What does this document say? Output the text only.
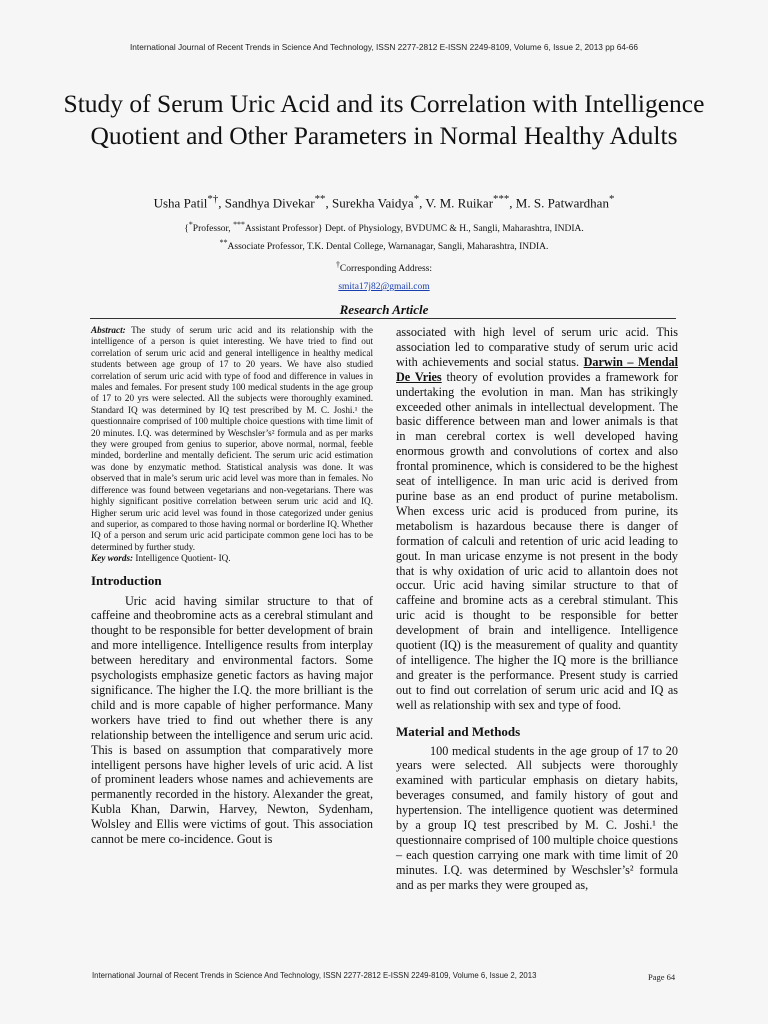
International Journal of Recent Trends in Science And Technology, ISSN 2277-2812 E-ISSN 2249-8109, Volume 6, Issue 2, 2013 pp 64-66
Study of Serum Uric Acid and its Correlation with Intelligence Quotient and Other Parameters in Normal Healthy Adults
Usha Patil*†, Sandhya Divekar**, Surekha Vaidya*, V. M. Ruikar***, M. S. Patwardhan*
{*Professor, ***Assistant Professor} Dept. of Physiology, BVDUMC & H., Sangli, Maharashtra, INDIA.
**Associate Professor, T.K. Dental College, Warnanagar, Sangli, Maharashtra, INDIA.
†Corresponding Address:
smita17j82@gmail.com
Research Article

Abstract: The study of serum uric acid and its relationship with the intelligence of a person is quiet interesting. We have tried to find out correlation of serum uric acid and general intelligence in healthy medical students between age group of 17 to 20 years. We have also studied correlation of serum uric acid with type of food and difference in values in males and females. For present study 100 medical students in the age group of 17 to 20 yrs were selected. All the subjects were thoroughly examined. Standard IQ was determined by IQ test prescribed by M. C. Joshi.¹ the questionnaire comprised of 100 multiple choice questions with time limit of 20 minutes. I.Q. was determined by Weschsler’s² formula and as per marks they were grouped from genius to superior, above normal, normal, feeble minded, borderline and mentally deficient. The serum uric acid estimation was done by enzymatic method. Statistical analysis was done. It was observed that in male’s serum uric acid level was more than in females. No difference was found between vegetarians and non-vegetarians. There was highly significant positive correlation between serum uric acid and IQ. Higher serum uric acid level was found in those categorized under genius and superior, as compared to those having normal or borderline IQ. Whether IQ of a person and serum uric acid participate common gene loci has to be determined by further study.

Key words: Intelligence Quotient- IQ.

Introduction

Uric acid having similar structure to that of caffeine and theobromine acts as a cerebral stimulant and thought to be responsible for better development of brain and more intelligence. Intelligence results from interplay between hereditary and environmental factors. Some psychologists emphasize genetic factors as having major significance. The higher the I.Q. the more brilliant is the child and is more capable of higher performance. Many workers have tried to find out whether there is any relationship between the intelligence and serum uric acid. This is based on assumption that comparatively more intelligent persons have higher levels of uric acid. A list of prominent leaders whose names and achievements are permanently recorded in the history. Alexander the great, Kubla Khan, Darwin, Harvey, Newton, Sydenham, Wolsley and Ellis were victims of gout. This association cannot be mere co-incidence. Gout is

associated with high level of serum uric acid. This association led to comparative study of serum uric acid with achievements and social status. Darwin – Mendal De Vries theory of evolution provides a framework for undertaking the evolution in man. Man has strikingly exceeded other animals in intellectual development. The basic difference between man and lower animals is that in man cerebral cortex is well developed having enormous growth and convolutions of cortex and also frontal prominence, which is considered to be the highest seat of intelligence. In man uric acid is derived from purine base as an end product of purine metabolism. When excess uric acid is produced from purine, its metabolism is hazardous because there is danger of formation of calculi and retention of uric acid leading to gout. In man uricase enzyme is not present in the body that is why oxidation of uric acid to allantoin does not occur. Uric acid having similar structure to that of caffeine and bromine acts as a cerebral stimulant. This uric acid is thought to be responsible for better development of brain and intelligence. Intelligence quotient (IQ) is the measurement of quality and quantity of intelligence. The higher the IQ more is the brilliance and greater is the performance. Present study is carried out to find out correlation of serum uric acid and IQ as well as relationship with sex and type of food.

Material and Methods

100 medical students in the age group of 17 to 20 years were selected. All subjects were thoroughly examined with particular emphasis on dietary habits, beverages consumed, and family history of gout and hypertension. The intelligence quotient was determined by a group IQ test prescribed by M. C. Joshi.¹ the questionnaire comprised of 100 multiple choice questions – each question carrying one mark with time limit of 20 minutes. I.Q. was determined by Weschsler’s² formula and as per marks they were grouped as,

International Journal of Recent Trends in Science And Technology, ISSN 2277-2812 E-ISSN 2249-8109, Volume 6, Issue 2, 2013	Page 64
